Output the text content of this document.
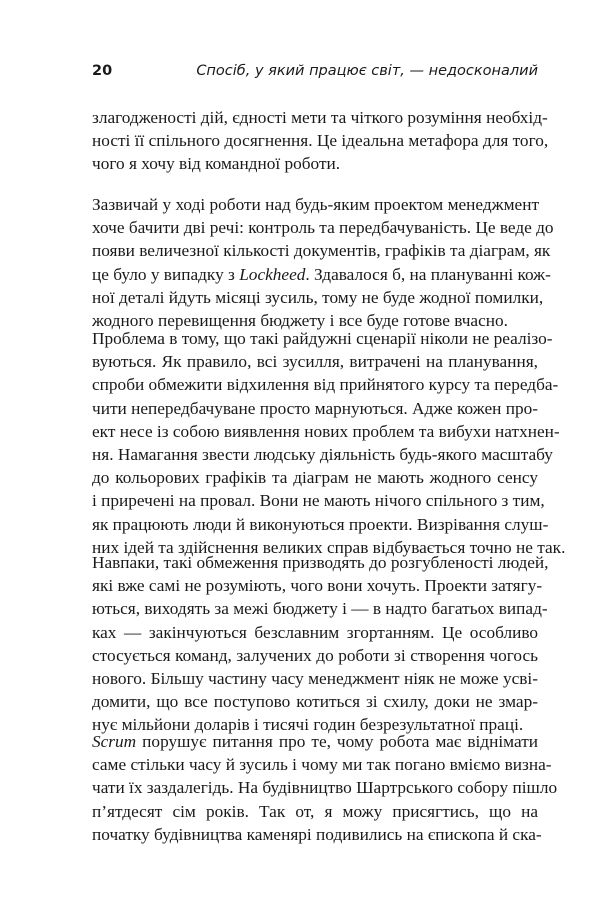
20	Спосіб, у який працює світ, — недосконалий
злагодженості дій, єдності мети та чіткого розуміння необхід-
ності її спільного досягнення. Це ідеальна метафора для того,
чого я хочу від командної роботи.
Зазвичай у ході роботи над будь-яким проектом менеджмент
хоче бачити дві речі: контроль та передбачуваність. Це веде до
появи величезної кількості документів, графіків та діаграм, як
це було у випадку з Lockheed. Здавалося б, на плануванні кож-
ної деталі йдуть місяці зусиль, тому не буде жодної помилки,
жодного перевищення бюджету і все буде готове вчасно.
Проблема в тому, що такі райдужні сценарії ніколи не реалізо-
вуються. Як правило, всі зусилля, витрачені на планування,
спроби обмежити відхилення від прийнятого курсу та передба-
чити непередбачуване просто марнуються. Адже кожен про-
ект несе із собою виявлення нових проблем та вибухи натхнен-
ня. Намагання звести людську діяльність будь-якого масштабу
до кольорових графіків та діаграм не мають жодного сенсу
і приречені на провал. Вони не мають нічого спільного з тим,
як працюють люди й виконуються проекти. Визрівання слуш-
них ідей та здійснення великих справ відбувається точно не так.
Навпаки, такі обмеження призводять до розгубленості людей,
які вже самі не розуміють, чого вони хочуть. Проекти затягу-
ються, виходять за межі бюджету і — в надто багатьох випад-
ках — закінчуються безславним згортанням. Це особливо
стосується команд, залучених до роботи зі створення чогось
нового. Більшу частину часу менеджмент ніяк не може усві-
домити, що все поступово котиться зі схилу, доки не змар-
нує мільйони доларів і тисячі годин безрезультатної праці.
Scrum порушує питання про те, чому робота має віднімати
саме стільки часу й зусиль і чому ми так погано вміємо визна-
чати їх заздалегідь. На будівництво Шартрського собору пішло
п’ятдесят сім років. Так от, я можу присягтись, що на
початку будівництва каменярі подивились на єпископа й ска-
